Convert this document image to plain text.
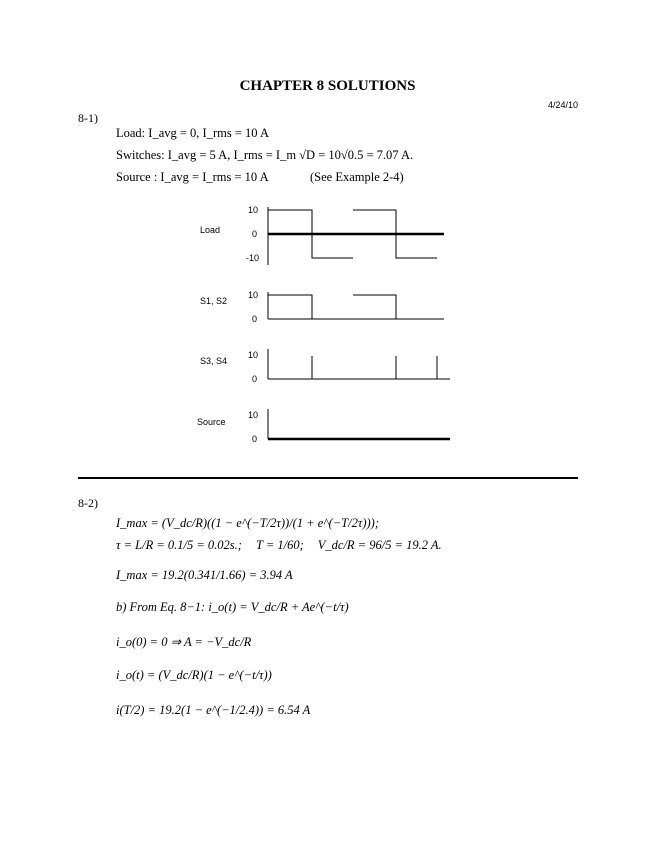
CHAPTER 8 SOLUTIONS
4/24/10
8-1)
Load: I_avg = 0, I_rms = 10 A
Switches: I_avg = 5 A, I_rms = I_m √D = 10√0.5 = 7.07 A.
Source : I_avg = I_rms = 10 A	(See Example 2-4)
Load
10
0
-10
S1, S2
10
0
S3, S4
10
0
Source
10
0
8-2)
I_max = (V_dc/R)((1 − e^(−T/2τ))/(1 + e^(−T/2τ)));
τ = L/R = 0.1/5 = 0.02s.; T = 1/60; V_dc/R = 96/5 = 19.2 A.
I_max = 19.2(0.341/1.66) = 3.94 A
b) From Eq. 8−1: i_o(t) = V_dc/R + Ae^(−t/τ)
i_o(0) = 0 ⇒ A = −V_dc/R
i_o(t) = (V_dc/R)(1 − e^(−t/τ))
i(T/2) = 19.2(1 − e^(−1/2.4)) = 6.54 A
